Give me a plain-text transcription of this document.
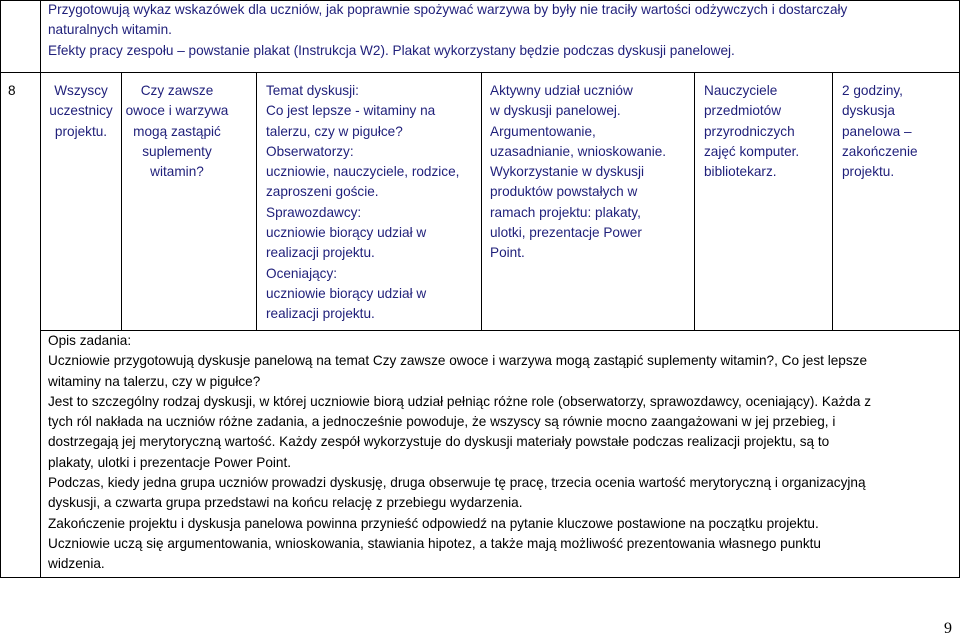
Przygotowują wykaz wskazówek dla uczniów, jak poprawnie spożywać warzywa by były nie traciły wartości odżywczych i dostarczały
naturalnych witamin.
Efekty pracy zespołu – powstanie plakat (Instrukcja W2). Plakat wykorzystany będzie podczas dyskusji panelowej.
8	Wszyscy
uczestnicy
projektu.
Czy zawsze
owoce i warzywa
mogą zastąpić
suplementy
witamin?
Temat dyskusji:
Co jest lepsze - witaminy na
talerzu, czy w pigułce?
Obserwatorzy:
uczniowie, nauczyciele, rodzice,
zaproszeni goście.
Sprawozdawcy:
uczniowie biorący udział w
realizacji projektu.
Oceniający:
uczniowie biorący udział w
realizacji projektu.
Aktywny udział uczniów
w dyskusji panelowej.
Argumentowanie,
uzasadnianie, wnioskowanie.
Wykorzystanie w dyskusji
produktów powstałych w
ramach projektu: plakaty,
ulotki, prezentacje Power
Point.
Nauczyciele
przedmiotów
przyrodniczych
zajęć komputer.
bibliotekarz.
2 godziny,
dyskusja
panelowa –
zakończenie
projektu.
Opis zadania:
Uczniowie przygotowują dyskusje panelową na temat Czy zawsze owoce i warzywa mogą zastąpić suplementy witamin?, Co jest lepsze
witaminy na talerzu, czy w pigułce?
Jest to szczególny rodzaj dyskusji, w której uczniowie biorą udział pełniąc różne role (obserwatorzy, sprawozdawcy, oceniający). Każda z
tych ról nakłada na uczniów różne zadania, a jednocześnie powoduje, że wszyscy są równie mocno zaangażowani w jej przebieg, i
dostrzegają jej merytoryczną wartość. Każdy zespół wykorzystuje do dyskusji materiały powstałe podczas realizacji projektu, są to
plakaty, ulotki i prezentacje Power Point.
Podczas, kiedy jedna grupa uczniów prowadzi dyskusję, druga obserwuje tę pracę, trzecia ocenia wartość merytoryczną i organizacyjną
dyskusji, a czwarta grupa przedstawi na końcu relację z przebiegu wydarzenia.
Zakończenie projektu i dyskusja panelowa powinna przynieść odpowiedź na pytanie kluczowe postawione na początku projektu.
Uczniowie uczą się argumentowania, wnioskowania, stawiania hipotez, a także mają możliwość prezentowania własnego punktu
widzenia.
9
